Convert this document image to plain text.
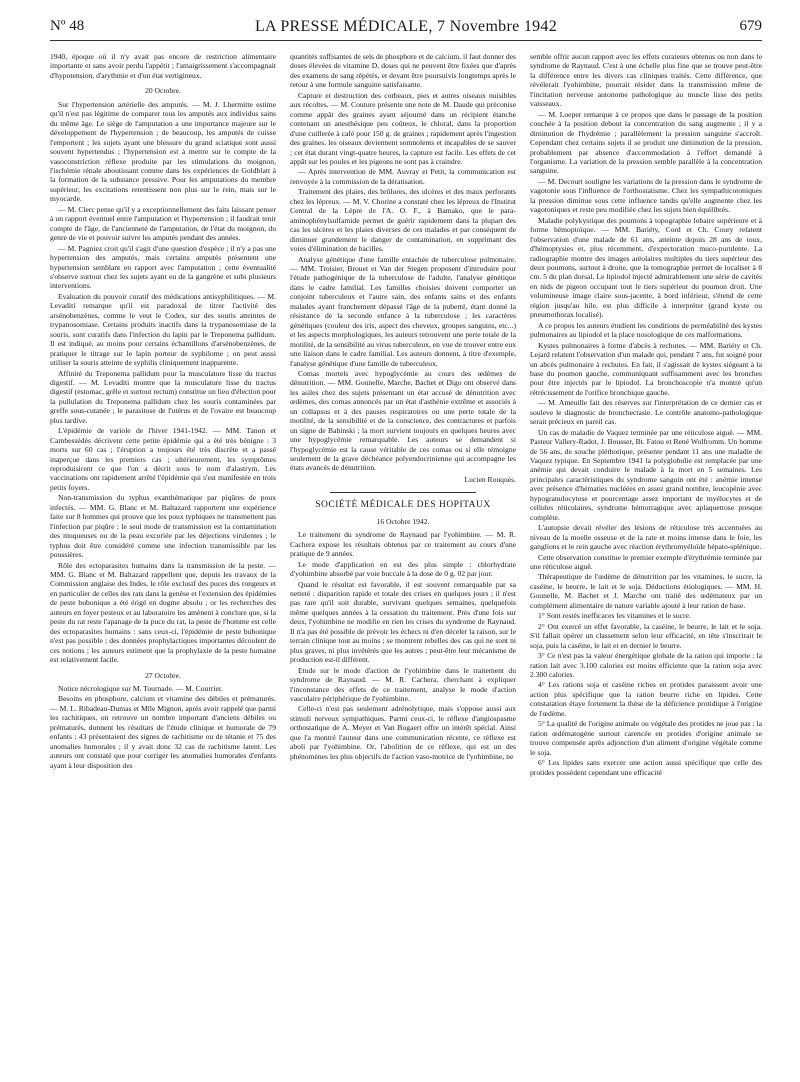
Nº 48	LA PRESSE MÉDICALE, 7 Novembre 1942	679

1940, époque où il n'y avait pas encore de restriction alimentaire importante et sans avoir perdu l'appétit ; l'amaigrissement s'accompagnait d'hypotension, d'arythmie et d'un état vertigineux.

20 Octobre.

Sur l'hypertension artérielle des amputés. — M. J. Lhermitte estime qu'il n'est pas légitime de comparer tous les amputés aux individus sains du même âge. Le siège de l'amputation a une importance majeure sur le développement de l'hypertension ; de beaucoup, les amputés de cuisse l'emportent ; les sujets ayant une blessure du grand sciatique sont aussi souvent hypertendus ; l'hypertension est à mettre sur le compte de la vasoconstriction réflexe produite par les stimulations du moignon, l'ischémie rénale aboutissant comme dans les expériences de Goldblatt à la formation de la substance pressive. Pour les amputations du membre supérieur, les excitations retentissent non plus sur le rein, mais sur le myocarde.

— M. Clerc pense qu'il y a exceptionnellement des faits laissant penser à un rapport éventuel entre l'amputation et l'hypertension ; il faudrait tenir compte de l'âge, de l'ancienneté de l'amputation, de l'état du moignon, du genre de vie et pouvoir suivre les amputés pendant des années.

— M. Pagniez croit qu'il s'agit d'une question d'espèce ; il n'y a pas une hypertension des amputés, mais certains amputés présentent une hypertension semblant en rapport avec l'amputation ; cette éventualité s'observe surtout chez les sujets ayant eu de la gangrène et subi plusieurs interventions.

Evaluation du pouvoir curatif des médications antisyphilitiques. — M. Levaditi remarque qu'il est paradoxal de titrer l'activité des arsénobenzènes, comme le veut le Codex, sur des souris atteintes de trypanosomiase. Certains produits inactifs dans la trypanosomiase de la souris, sont curatifs dans l'infection du lapin par le Treponema pallidum. Il est indiqué, au moins pour certains échantillons d'arsénobenzènes, de pratiquer le titrage sur le lapin porteur de syphilome ; on peut aussi utiliser la souris atteinte de syphilis cliniquement inapparente.

Affinité du Treponema pallidum pour la musculature lisse du tractus digestif. — M. Levaditi montre que la musculature lisse du tractus digestif (estomac, grêle et surtout rectum) constitue un lieu d'élection pour la pullulation du Treponema pallidum chez les souris contaminées par greffe sous-cutanée ; le parasitose de l'utérus et de l'ovaire est beaucoup plus tardive.

L'épidémie de variole de l'hiver 1941-1942. — MM. Tanon et Cambessédès décrivent cette petite épidémie qui a été très bénigne : 3 morts sur 60 cas ; l'éruption a toujours été très discrète et a passé inaperçue dans les premiers cas ; ultérieurement, les symptômes reproduisirent ce que l'on a décrit sous le nom d'alastrym. Les vaccinations ont rapidement arrêté l'épidémie qui s'est manifestée en trois petits foyers.

Non-transmission du typhus exanthématique par piqûres de poux infectés. — MM. G. Blanc et M. Baltazard rapportent une expérience faite sur 8 hommes qui prouve que les poux typhiques ne transmettent pas l'infection par piqûre ; le seul mode de transmission est la contamination des muqueuses ou de la peau excoriée par les déjections virulentes ; le typhus doit être considéré comme une infection transmissible par les poussières.

Rôle des ectoparasites humains dans la transmission de la peste. — MM. G. Blanc et M. Baltazard rappellent que, depuis les travaux de la Commission anglaise des Indes, le rôle exclusif des puces des rongeurs et en particulier de celles des rats dans la genèse et l'extension des épidémies de peste bubonique a été érigé en dogme absolu ; or les recherches des auteurs en foyer pesteux et au laboratoire les amènent à conclure que, si la peste du rat reste l'apanage de la puce du rat, la peste de l'homme est celle des ectoparasites humains : sans ceux-ci, l'épidémie de peste bubonique n'est pas possible ; des données prophylactiques importantes découlent de ces notions ; les auteurs estiment que la prophylaxie de la peste humaine est relativement facile.

27 Octobre.

Notice nécrologique sur M. Tournade. — M. Courrier.

Besoins en phosphore, calcium et vitamine des débiles et prématurés. — M. L. Ribadeau-Dumas et Mlle Mignon, après avoir rappelé que parmi les rachitiques, on retrouve un nombre important d'anciens débiles ou prématurés, donnent les résultats de l'étude clinique et humorale de 79 enfants ; 43 présentaient des signes de rachitisme ou de tétanie et 75 des anomalies humorales ; il y avait donc 32 cas de rachitisme latent. Les auteurs ont constaté que pour corriger les anomalies humorales d'enfants ayant à leur disposition des

quantités suffisantes de sels de phosphore et de calcium, il faut donner des doses élevées de vitamine D, doses qui ne peuvent être fixées que d'après des examens de sang répétés, et devant être poursuivis longtemps après le retour à une formule sanguine satisfaisante.

Capture et destruction des corbeaux, pies et autres oiseaux nuisibles aux récoltes. — M. Couture présente une note de M. Daude qui préconise comme appât des graines ayant séjourné dans un récipient étanche contenant un anesthésique peu coûteux, le chloral, dans la proportion d'une cuillerée à café pour 150 g. de graines ; rapidement après l'ingestion des graines, les oiseaux deviennent somnolents et incapables de se sauver ; cet état durant vingt-quatre heures, la capture est facile. Les effets de cet appât sur les poules et les pigeons ne sont pas à craindre.

— Après intervention de MM. Auvray et Petit, la communication est renvoyée à la commission de la dératisation.

Traitement des plaies, des brûlures, des ulcères et des maux perforants chez les lépreux. — M. V. Chorine a constaté chez les lépreux de l'Institut Central de la Lèpre de l'A. O. F., à Bamako, que le para-aminophénylsulfamide permet de guérir rapidement dans la plupart des cas les ulcères et les plaies diverses de ces malades et par conséquent de diminuer grandement le danger de contamination, en supprimant des voies d'élimination de bacilles.

Analyse génétique d'une famille entachée de tuberculose pulmonaire. — MM. Troisier, Brouet et Van der Stegen proposent d'introduire pour l'étude pathogénique de la tuberculose de l'adulte, l'analyse génétique dans le cadre familial. Les familles choisies doivent comporter un conjoint tuberculeux et l'autre sain, des enfants sains et des enfants malades ayant franchement dépassé l'âge de la puberté, étant donné la résistance de la seconde enfance à la tuberculose ; les caractères génétiques (couleur des iris, aspect des cheveux, groupes sanguins, etc...) et les aspects morphologiques, les auteurs retrouvent une perte totale de la motilité, de la sensibilité au virus tuberculeux, en vue de trouver entre eux une liaison dans le cadre familial. Les auteurs donnent, à titre d'exemple, l'analyse génétique d'une famille de tuberculeux.

Comas mortels avec hypoglycémie au cours des œdèmes de dénutrition. — MM. Gounelle, Marche, Bachet et Digo ont observé dans les asiles chez des sujets présentant un état accusé de dénutrition avec œdèmes, des comas annoncés par un état d'asthénie extrême et associés à un collapsus et à des pauses respiratoires ou une perte totale de la motilité, de la sensibilité et de la conscience, des contractures et parfois un signe de Babinski ; la mort survient toujours en quelques heures avec une hypoglycémie remarquable. Les auteurs se demandent si l'hypoglycémie est la cause véritable de ces comas ou si elle témoigne seulement de la grave déchéance polyendocrinienne qui accompagne les états avancés de dénutrition.

Lucien Rouquès.

SOCIÉTÉ MÉDICALE DES HOPITAUX

16 Octobre 1942.

Le traitement du syndrome de Raynaud par l'yohimbine. — M. R. Cachera expose les résultats obtenus par ce traitement au cours d'une pratique de 9 années.

Le mode d'application en est des plus simple : chlorhydrate d'yohimbine absorbé par voie buccale à la dose de 0 g. 02 par jour.

Quand le résultat est favorable, il est souvent remarquable par sa netteté : disparition rapide et totale des crises en quelques jours ; il n'est pas rare qu'il soit durable, survivant quelques semaines, quelquefois même quelques années à la cessation du traitement. Près d'une fois sur deux, l'yohimbine ne modifie en rien les crises du syndrome de Raynaud. Il n'a pas été possible de prévoir les échecs ni d'en déceler la raison, sur le terrain clinique tout au moins ; se montrent rebelles des cas qui ne sont ni plus graves, ni plus invétérés que les autres ; peut-être leur mécanisme de production est-il différent.

Etude sur le mode d'action de l'yohimbine dans le traitement du syndrome de Raynaud. — M. R. Cachera, cherchant à expliquer l'inconstance des effets de ce traitement, analyse le mode d'action vasculaire périphérique de l'yohimbine.

Celle-ci n'est pas seulement adrénolytique, mais s'oppose aussi aux stimuli nerveux sympathiques. Parmi ceux-ci, le réflexe d'angiospasme orthostatique de A. Meyer et Van Bogaert offre un intérêt spécial. Ainsi que l'a montré l'auteur dans une communication récente, ce réflexe est aboli par l'yohimbine. Or, l'abolition de ce réflexe, qui est un des phénomènes les plus objectifs de l'action vaso-motrice de l'yohimbine, ne

semble offrir aucun rapport avec les effets curateurs obtenus ou non dans le syndrome de Raynaud. C'est à une échelle plus fine que se trouve peut-être la différence entre les divers cas cliniques traités. Cette différence, que révélerait l'yohimbine, pourrait résider dans la transmission même de l'incitation nerveuse autonome pathologique au muscle lisse des petits vaisseaux.

— M. Loeper remarque à ce propos que dans le passage de la position couchée à la position debout la concentration du sang augmente ; il y a diminution de l'hydrémie ; parallèlement la pression sanguine s'accroît. Cependant chez certains sujets il se produit une diminution de la pression, probablement par absence d'accommodation à l'effort demandé à l'organisme. La variation de la pression semble parallèle à la concentration sanguine.

— M. Decourt souligne les variations de la pression dans le syndrome de vagotonie sous l'influence de l'orthostatisme. Chez les sympathicotoniques la pression diminue sous cette influence tandis qu'elle augmente chez les vagotoniques et reste peu modifiée chez les sujets bien équilibrés.

Maladie polykystique des poumons à topographie lobaire supérieure et à forme hémoptoïque. — MM. Bariéty, Cord et Ch. Coury relatent l'observation d'une malade de 61 ans, atteinte depuis 28 ans de toux, d'hémoptysies et, plus récemment, d'expectoration muco-purulente. La radiographie montre des images aréolaires multiples du tiers supérieur des deux poumons, surtout à droite, que la tomographie permet de localiser à 8 cm. 5 du plan dorsal. Le lipiodol injecté admirablement une série de cavités en nids de pigeon occupant tout le tiers supérieur du poumon droit. Une volumineuse image claire sous-jacente, à bord inférieur, s'étend de cette région jusqu'au hile, est plus difficile à interpréter (grand kyste ou pneumothorax localisé).

A ce propos les auteurs étudient les conditions de perméabilité des kystes pulmonaires au lipiodol et la place nosologique de ces malformations.

Kystes pulmonaires à forme d'abcès à rechutes. — MM. Bariéty et Ch. Lejard relatent l'observation d'un malade qui, pendant 7 ans, fut soigné pour un abcès pulmonaire à rechutes. En fait, il s'agissait de kystes siégeant à la base du poumon gauche, communiquant suffisamment avec les bronches pour être injectés par le lipiodol. La bronchoscopie n'a montré qu'un rétrécissement de l'orifice bronchique gauche.

— M. Ameuille fait des réserves sur l'interprétation de ce dernier cas et souleve le diagnostic de bronchectasie. Le contrôle anatomo-pathologique serait précieux en pareil cas.

Un cas de maladie de Vaquez terminée par une réticulose aiguë. — MM. Pasteur Vallery-Radot, J. Bousser, Bt. Fatou et René Wolfromm. Un homme de 56 ans, de souche pléthorique, présente pendant 11 ans une maladie de Vaquez typique. En Septembre 1941 la polyglobulie est remplacée par une anémie qui devait conduire le malade à la mort en 5 semaines. Les principales caractéristiques du syndrome sanguin ont été : anémie intense avec présence d'hématies nucléées en assez grand nombre, leucopénie avec hypogranulocytose et pourcentage assez important de myélocytes et de cellules réticulaires, syndrome hémorragique avec aplaquettose presque complète.

L'autopsie devait révéler des lésions de réticulose très accentuées au niveau de la moelle osseuse et de la rate et moins intense dans le foie, les ganglions et le rein gauche avec réaction érythromyéloïde hépato-splénique.

Cette observation constitue le premier exemple d'érythrémie terminée par une réticulose aiguë.

Thérapeutique de l'œdème de dénutrition par les vitamines, le sucre, la caséine, le beurre, le lait et le soja. Déductions étiologiques. — MM. H. Gounelle, M. Bachet et J. Marche ont traité des œdémateux par un complément alimentaire de nature variable ajouté à leur ration de base.

1° Sont restés inefficaces les vitamines et le sucre.

2° Ont exercé un effet favorable, la caséine, le beurre, le lait et le soja. S'il fallait opérer un classement selon leur efficacité, en tête s'inscrirait le soja, puis la caséine, le lait et en dernier le beurre.

3° Ce n'est pas la valeur énergétique globale de la ration qui importe : la ration lait avec 3.100 calories est moins efficiente que la ration soja avec 2.300 calories.

4° Les rations soja et caséine riches en protides paraissent avoir une action plus spécifique que la ration beurre riche en lipides. Cette constatation étaye fortement la thèse de la déficience protidique à l'origine de l'œdème.

5° La qualité de l'origine animale ou végétale des protides ne joue pas : la ration œdématogène surtout carencée en protides d'origine animale se trouve compensée après adjonction d'un aliment d'origine végétale comme le soja.

6° Les lipides sans exercer une action aussi spécifique que celle des protides possèdent cependant une efficacité
